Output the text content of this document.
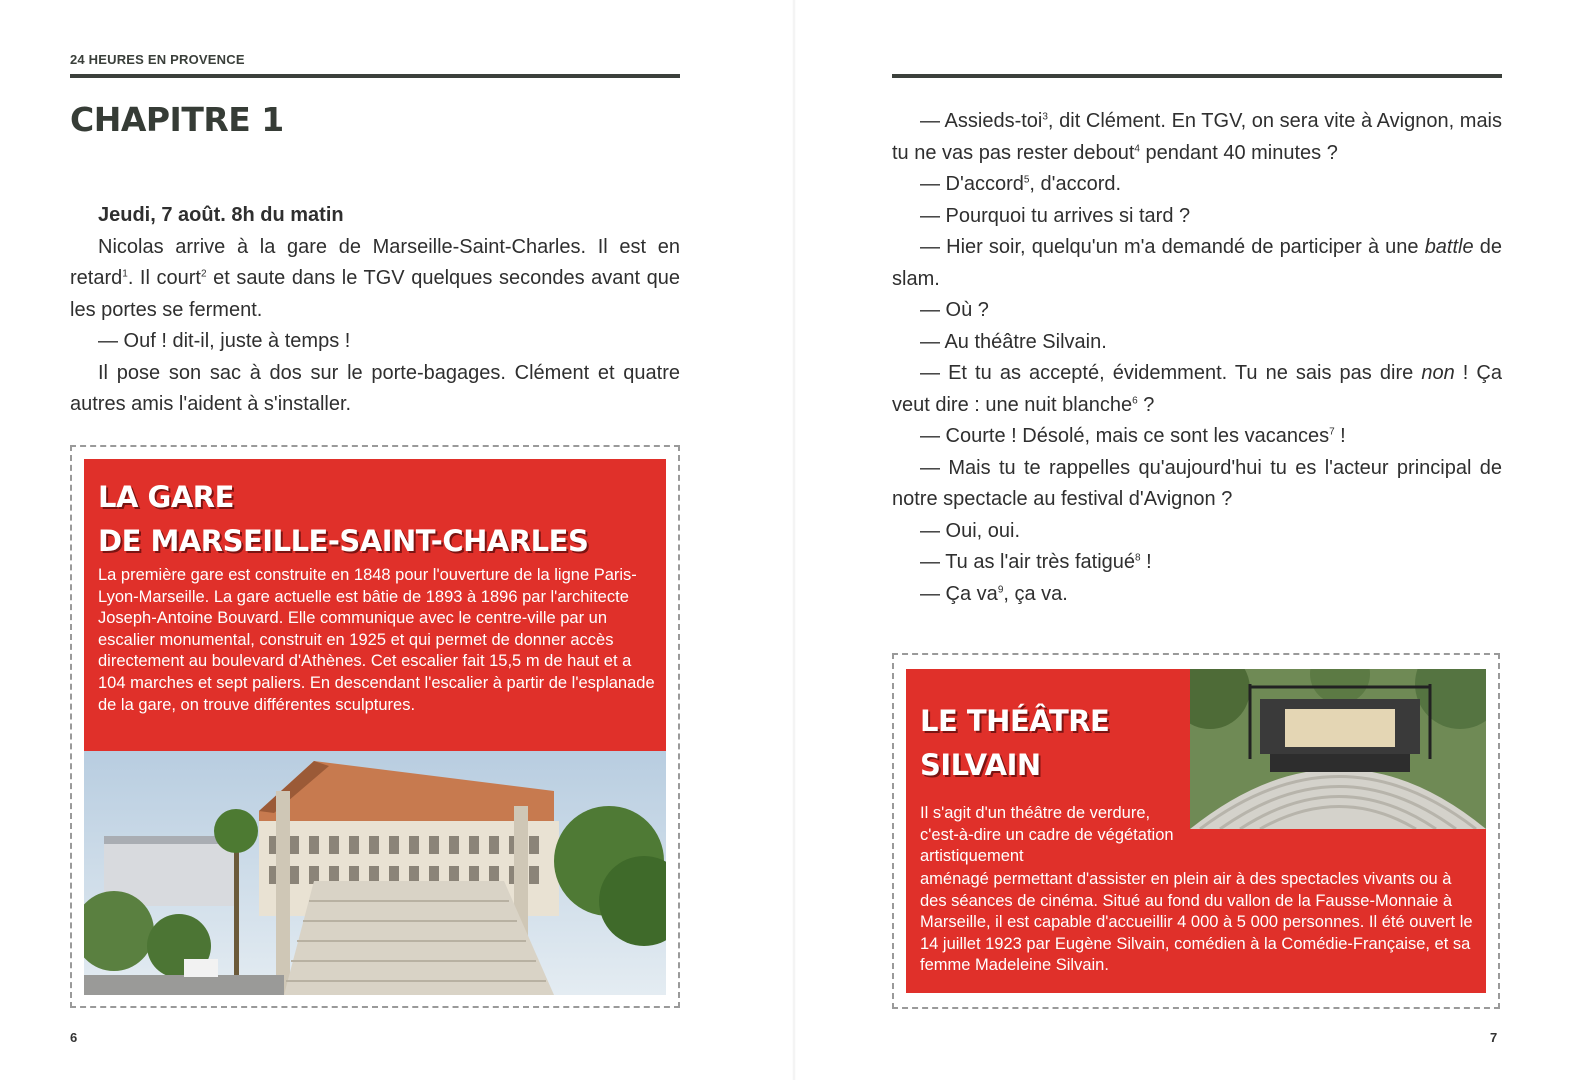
24 HEURES EN PROVENCE
CHAPITRE 1

Jeudi, 7 août. 8h du matin

Nicolas arrive à la gare de Marseille-Saint-Charles. Il est en retard$^1$. Il court$^2$ et saute dans le TGV quelques secondes avant que les portes se ferment.

— Ouf ! dit-il, juste à temps !

Il pose son sac à dos sur le porte-bagages. Clément et quatre autres amis l'aident à s'installer.

LA GARE
DE MARSEILLE-SAINT-CHARLES
La première gare est construite en 1848 pour l'ouverture de la ligne Paris-Lyon-Marseille. La gare actuelle est bâtie de 1893 à 1896 par l'architecte Joseph-Antoine Bouvard. Elle communique avec le centre-ville par un escalier monumental, construit en 1925 et qui permet de donner accès directement au boulevard d'Athènes. Cet escalier fait 15,5 m de haut et a 104 marches et sept paliers. En descendant l'escalier à partir de l'esplanade de la gare, on trouve différentes sculptures.
6

— Assieds-toi$^3$, dit Clément. En TGV, on sera vite à Avignon, mais tu ne vas pas rester debout$^4$ pendant 40 minutes ?

— D'accord$^5$, d'accord.

— Pourquoi tu arrives si tard ?

— Hier soir, quelqu'un m'a demandé de participer à une battle de slam.

— Où ?

— Au théâtre Silvain.

— Et tu as accepté, évidemment. Tu ne sais pas dire non ! Ça veut dire : une nuit blanche$^6$ ?

— Courte ! Désolé, mais ce sont les vacances$^7$ !

— Mais tu te rappelles qu'aujourd'hui tu es l'acteur principal de notre spectacle au festival d'Avignon ?

— Oui, oui.

— Tu as l'air très fatigué$^8$ !

— Ça $va^9$, ça va.

LE THÉÂTRE
SILVAIN
Il s'agit d'un théâtre de verdure, c'est-à-dire un cadre de végétation artistiquement
aménagé permettant d'assister en plein air à des spectacles vivants ou à des séances de cinéma. Situé au fond du vallon de la Fausse-Monnaie à Marseille, il est capable d'accueillir 4 000 à 5 000 personnes. Il été ouvert le 14 juillet 1923 par Eugène Silvain, comédien à la Comédie-Française, et sa femme Madeleine Silvain.
7
